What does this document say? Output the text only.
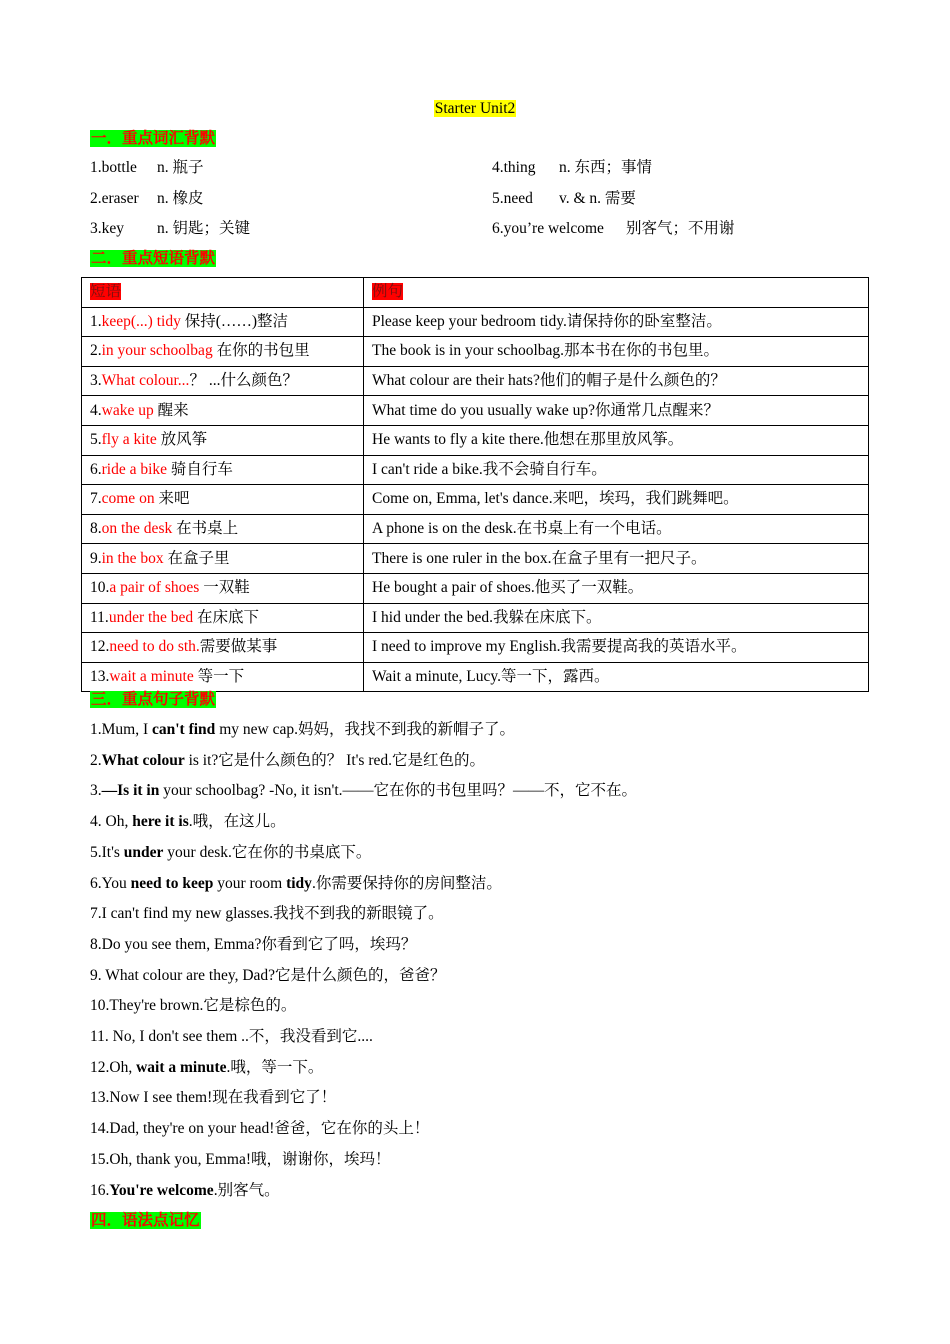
Starter Unit2
一．重点词汇背默
1.bottle n. 瓶子	4.thing n. 东西；事情
2.eraser n. 橡皮	5.need v. & n. 需要
3.key n. 钥匙；关键	6.you’re welcome 别客气；不用谢
二．重点短语背默
短语	例句
1.keep(...) tidy 保持(……)整洁	Please keep your bedroom tidy.请保持你的卧室整洁。
2.in your schoolbag 在你的书包里	The book is in your schoolbag.那本书在你的书包里。
3.What colour...？ ...什么颜色？	What colour are their hats?他们的帽子是什么颜色的？
4.wake up 醒来	What time do you usually wake up?你通常几点醒来？
5.fly a kite 放风筝	He wants to fly a kite there.他想在那里放风筝。
6.ride a bike 骑自行车	I can't ride a bike.我不会骑自行车。
7.come on 来吧	Come on, Emma, let's dance.来吧，埃玛，我们跳舞吧。
8.on the desk 在书桌上	A phone is on the desk.在书桌上有一个电话。
9.in the box 在盒子里	There is one ruler in the box.在盒子里有一把尺子。
10.a pair of shoes 一双鞋	He bought a pair of shoes.他买了一双鞋。
11.under the bed 在床底下	I hid under the bed.我躲在床底下。
12.need to do sth.需要做某事	I need to improve my English.我需要提高我的英语水平。
13.wait a minute 等一下	Wait a minute, Lucy.等一下，露西。
三．重点句子背默
1.Mum, I can't find my new cap.妈妈，我找不到我的新帽子了。
2.What colour is it?它是什么颜色的？ It's red.它是红色的。
3.—Is it in your schoolbag? -No, it isn't.——它在你的书包里吗？——不，它不在。
4. Oh, here it is.哦，在这儿。
5.It's under your desk.它在你的书桌底下。
6.You need to keep your room tidy.你需要保持你的房间整洁。
7.I can't find my new glasses.我找不到我的新眼镜了。
8.Do you see them, Emma?你看到它了吗，埃玛？
9. What colour are they, Dad?它是什么颜色的，爸爸？
10.They're brown.它是棕色的。
11. No, I don't see them ..不，我没看到它....
12.Oh, wait a minute.哦，等一下。
13.Now I see them!现在我看到它了！
14.Dad, they're on your head!爸爸，它在你的头上！
15.Oh, thank you, Emma!哦，谢谢你，埃玛！
16.You're welcome.别客气。
四．语法点记忆
